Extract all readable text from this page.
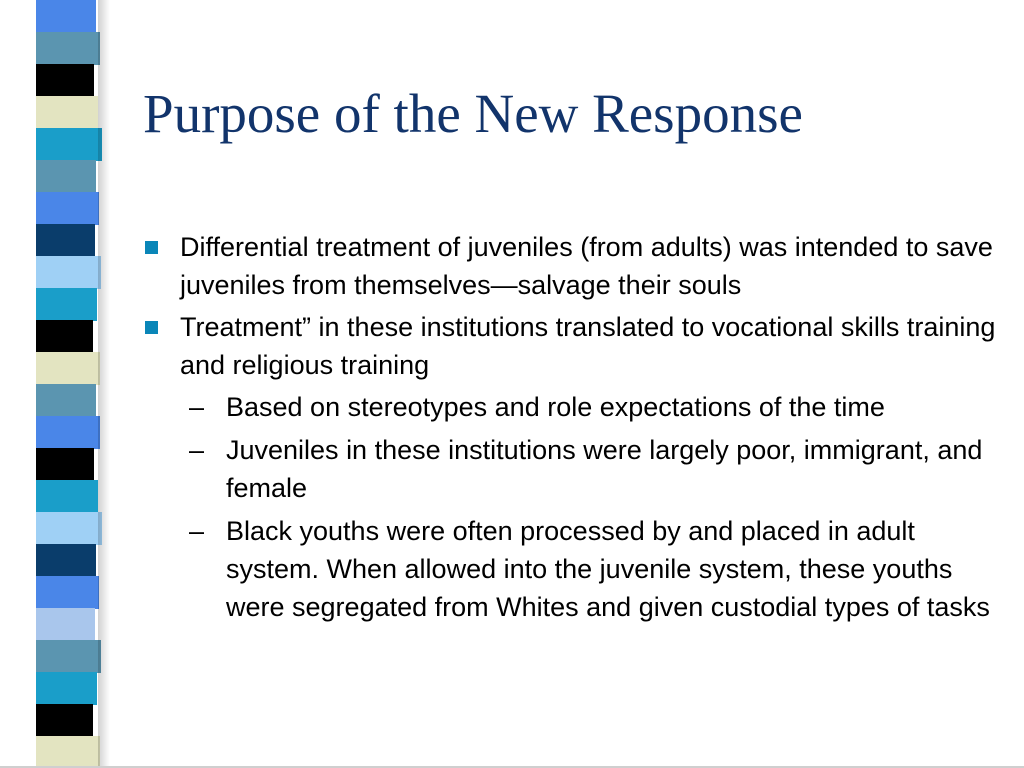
Purpose of the New Response
Differential treatment of juveniles (from adults) was intended to save juveniles from themselves—salvage their souls
Treatment” in these institutions translated to vocational skills training and religious training
– Based on stereotypes and role expectations of the time
– Juveniles in these institutions were largely poor, immigrant, and female
– Black youths were often processed by and placed in adult system. When allowed into the juvenile system, these youths were segregated from Whites and given custodial types of tasks
